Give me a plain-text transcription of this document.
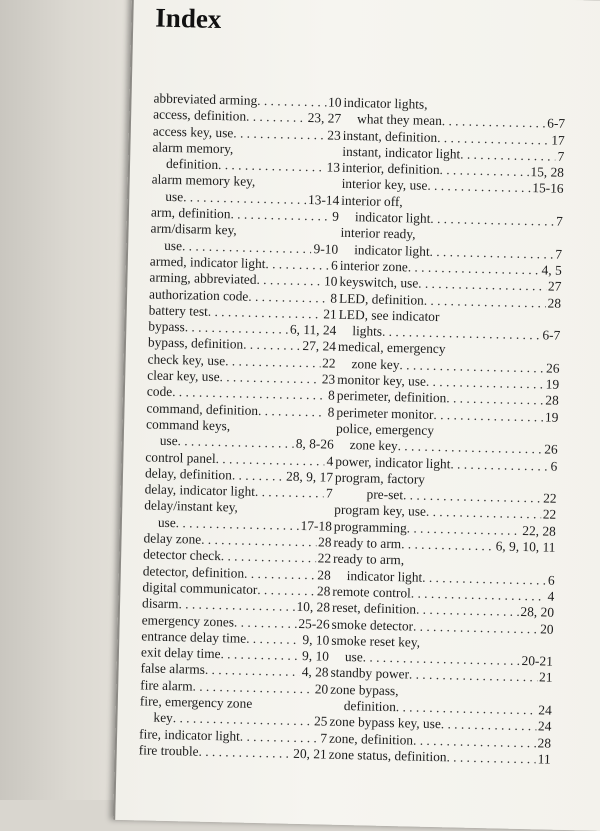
Index
abbreviated arming . . .	10
access, definition . . .	23, 27
access key, use . . .	23
alarm memory,
definition . . .	13
alarm memory key,
use . . .	13-14
arm, definition . . .	9
arm/disarm key,
use . . .	9-10
armed, indicator light . . .	6
arming, abbreviated . . .	10
authorization code . . .	8
battery test . . .	21
bypass . . .	6, 11, 24
bypass, definition . . .	27, 24
check key, use . . .	22
clear key, use . . .	23
code . . .	8
command, definition . . .	8
command keys,
use . . .	8, 8-26
control panel . . .	4
delay, definition . . .	28, 9, 17
delay, indicator light . . .	7
delay/instant key,
use . . .	17-18
delay zone . . .	28
detector check . . .	22
detector, definition . . .	28
digital communicator . . .	28
disarm . . .	10, 28
emergency zones . . .	25-26
entrance delay time . . .	9, 10
exit delay time . . .	9, 10
false alarms . . .	4, 28
fire alarm . . .	20
fire, emergency zone
key . . .	25
fire, indicator light . . .	7
fire trouble . . .	20, 21
indicator lights,
what they mean . . .	6-7
instant, definition . . .	17
instant, indicator light . . .	7
interior, definition . . .	15, 28
interior key, use . . .	15-16
interior off,
indicator light . . .	7
interior ready,
indicator light . . .	7
interior zone . . .	4, 5
keyswitch, use . . .	27
LED, definition . . .	28
LED, see indicator
lights . . .	6-7
medical, emergency
zone key . . .	26
monitor key, use . . .	19
perimeter, definition . . .	28
perimeter monitor . . .	19
police, emergency
zone key . . .	26
power, indicator light . . .	6
program, factory
pre-set . . .	22
program key, use . . .	22
programming . . .	22, 28
ready to arm . . .	6, 9, 10, 11
ready to arm,
indicator light . . .	6
remote control . . .	4
reset, definition . . .	28, 20
smoke detector . . .	20
smoke reset key,
use . . .	20-21
standby power . . .	21
zone bypass,
definition . . .	24
zone bypass key, use . . .	24
zone, definition . . .	28
zone status, definition . . .	11
